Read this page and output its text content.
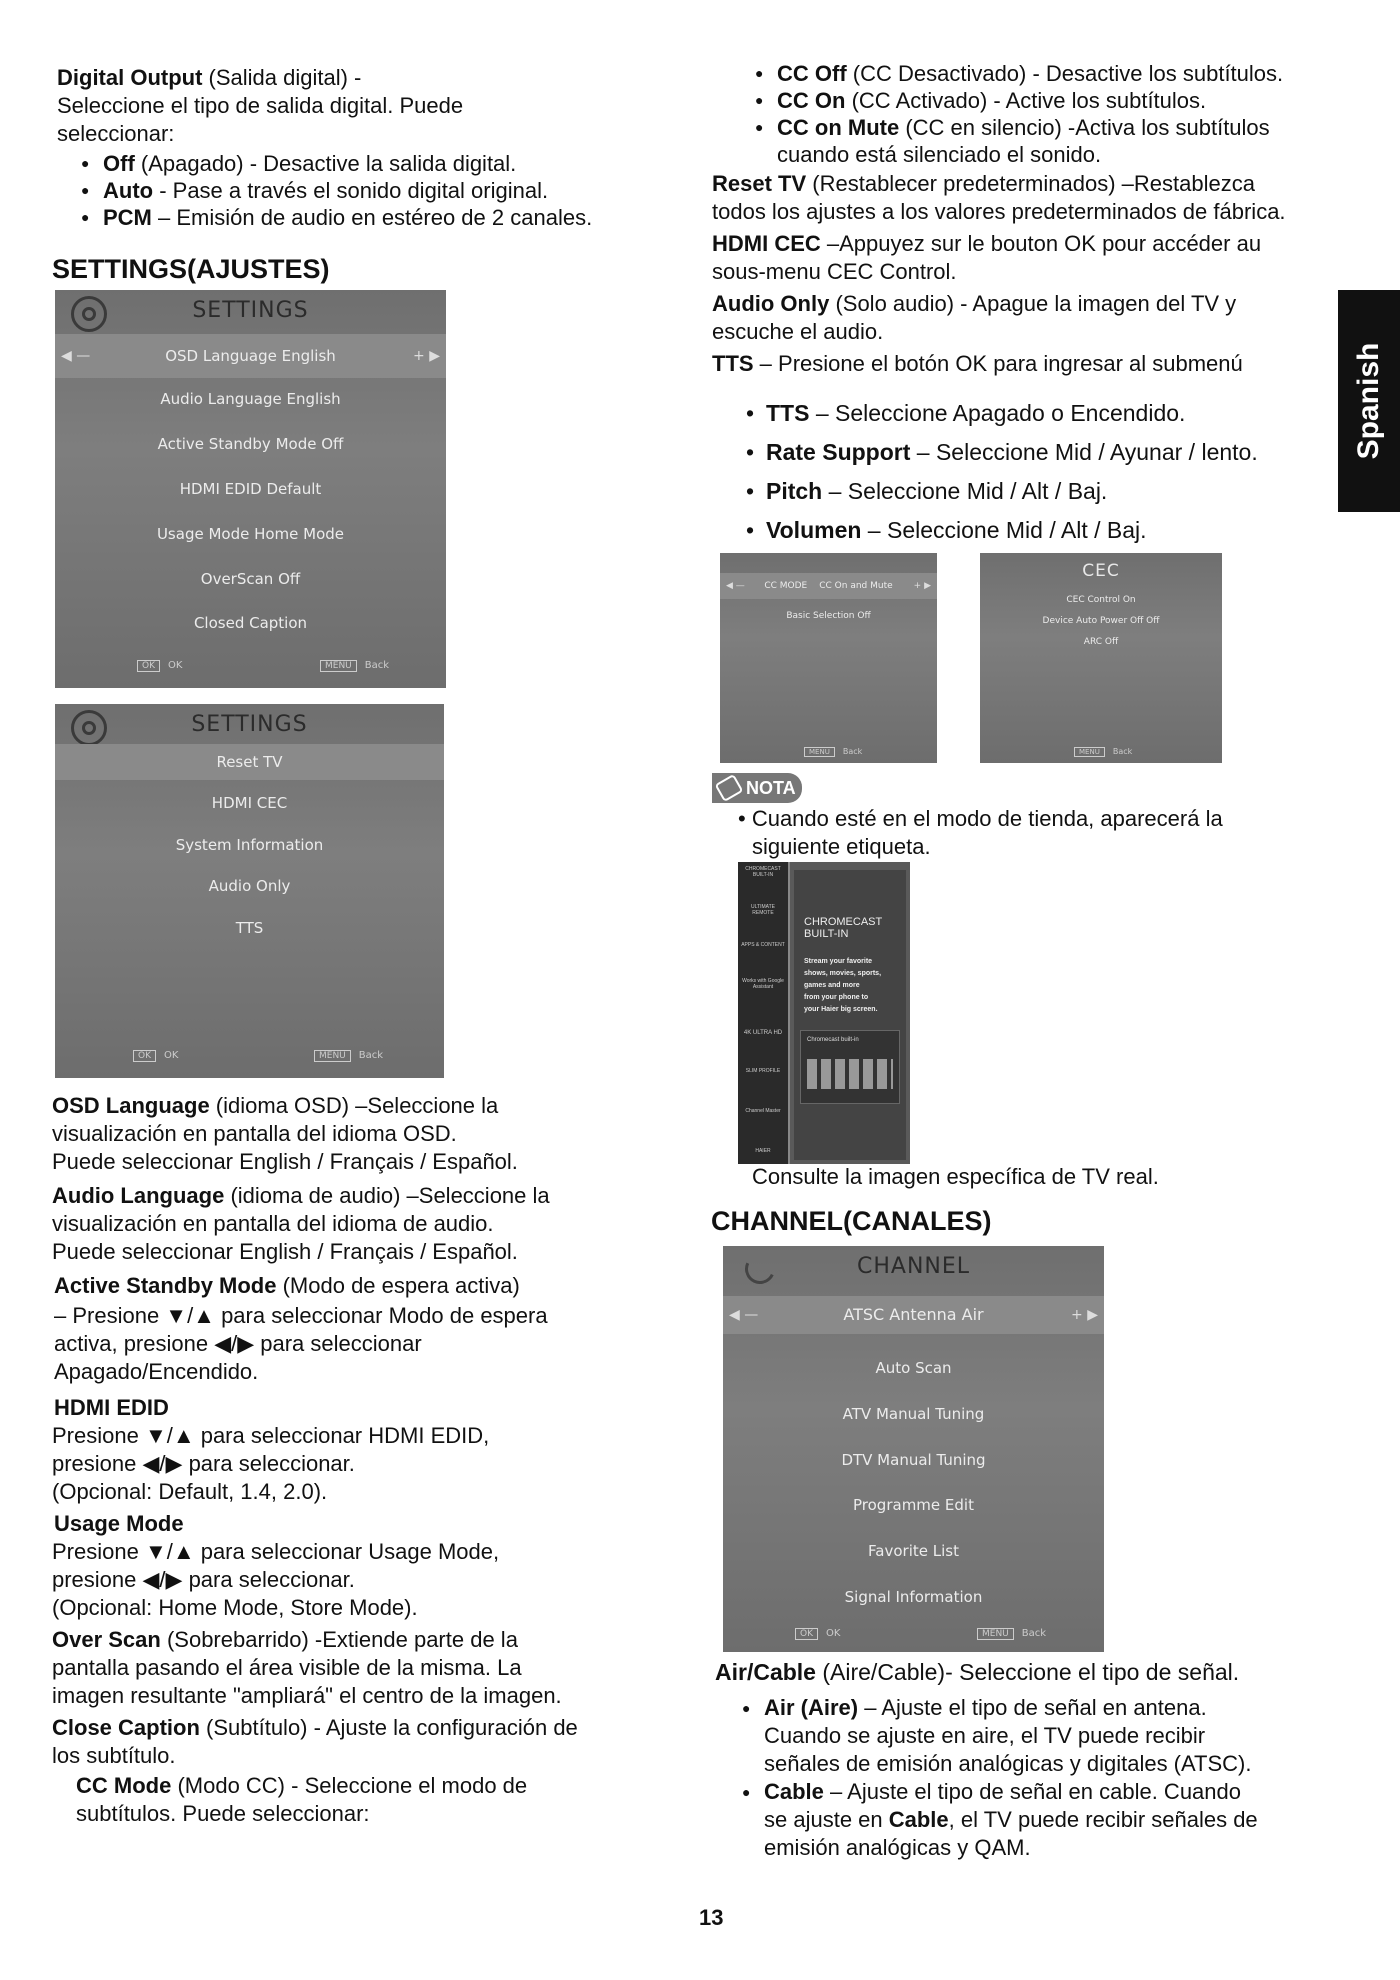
Digital Output (Salida digital) -
Seleccione el tipo de salida digital. Puede
seleccionar:
● Off (Apagado) - Desactive la salida digital.
● Auto - Pase a través el sonido digital original.
● PCM – Emisión de audio en estéreo de 2 canales.
SETTINGS(AJUSTES)
SETTINGS
◀ —	OSD Language English	+ ▶
Audio Language English
Active Standby Mode Off
HDMI EDID Default
Usage Mode Home Mode
OverScan Off
Closed Caption
OK OK	MENU Back
SETTINGS
Reset TV
HDMI CEC
System Information
Audio Only
TTS
OK OK	MENU Back
OSD Language (idioma OSD) –Seleccione la
visualización en pantalla del idioma OSD.
Puede seleccionar English / Français / Español.
Audio Language (idioma de audio) –Seleccione la
visualización en pantalla del idioma de audio.
Puede seleccionar English / Français / Español.
Active Standby Mode (Modo de espera activa)
– Presione ▼/▲ para seleccionar Modo de espera
activa, presione ◀/▶ para seleccionar
Apagado/Encendido.
HDMI EDID
Presione ▼/▲ para seleccionar HDMI EDID,
presione ◀/▶ para seleccionar.
(Opcional: Default, 1.4, 2.0).
Usage Mode
Presione ▼/▲ para seleccionar Usage Mode,
presione ◀/▶ para seleccionar.
(Opcional: Home Mode, Store Mode).
Over Scan (Sobrebarrido) -Extiende parte de la
pantalla pasando el área visible de la misma. La
imagen resultante "ampliará" el centro de la imagen.
Close Caption (Subtítulo) - Ajuste la configuración de
los subtítulo.
CC Mode (Modo CC) - Seleccione el modo de
subtítulos. Puede seleccionar:
● CC Off (CC Desactivado) - Desactive los subtítulos.
● CC On (CC Activado) - Active los subtítulos.
● CC on Mute (CC en silencio) -Activa los subtítulos
cuando está silenciado el sonido.
Reset TV (Restablecer predeterminados) –Restablezca
todos los ajustes a los valores predeterminados de fábrica.
HDMI CEC –Appuyez sur le bouton OK pour accéder au
sous-menu CEC Control.
Audio Only (Solo audio) - Apague la imagen del TV y
escuche el audio.
TTS – Presione el botón OK para ingresar al submenú
• TTS – Seleccione Apagado o Encendido.
• Rate Support – Seleccione Mid / Ayunar / lento.
• Pitch – Seleccione Mid / Alt / Baj.
• Volumen – Seleccione Mid / Alt / Baj.
◀ — CC MODE CC On and Mute + ▶
Basic Selection Off
MENU Back
CEC
CEC Control On
Device Auto Power Off Off
ARC Off
MENU Back
NOTA
• Cuando esté en el modo de tienda, aparecerá la
siguiente etiqueta.
CHROMECAST BUILT-IN
ULTIMATE REMOTE
APPS & CONTENT
Works with Google Assistant
4K ULTRA HD
SLIM PROFILE
Channel Master
HAIER
CHROMECAST
BUILT-IN
Stream your favorite
shows, movies, sports,
games and more
from your phone to
your Haier big screen.
Chromecast built-in
Consulte la imagen específica de TV real.
CHANNEL(CANALES)
CHANNEL
◀ —	ATSC Antenna Air	+ ▶
Auto Scan
ATV Manual Tuning
DTV Manual Tuning
Programme Edit
Favorite List
Signal Information
OK OK	MENU Back
Air/Cable (Aire/Cable)- Seleccione el tipo de señal.
● Air (Aire) – Ajuste el tipo de señal en antena.
Cuando se ajuste en aire, el TV puede recibir
señales de emisión analógicas y digitales (ATSC).
● Cable – Ajuste el tipo de señal en cable. Cuando
se ajuste en Cable, el TV puede recibir señales de
emisión analógicas y QAM.
Spanish
13
